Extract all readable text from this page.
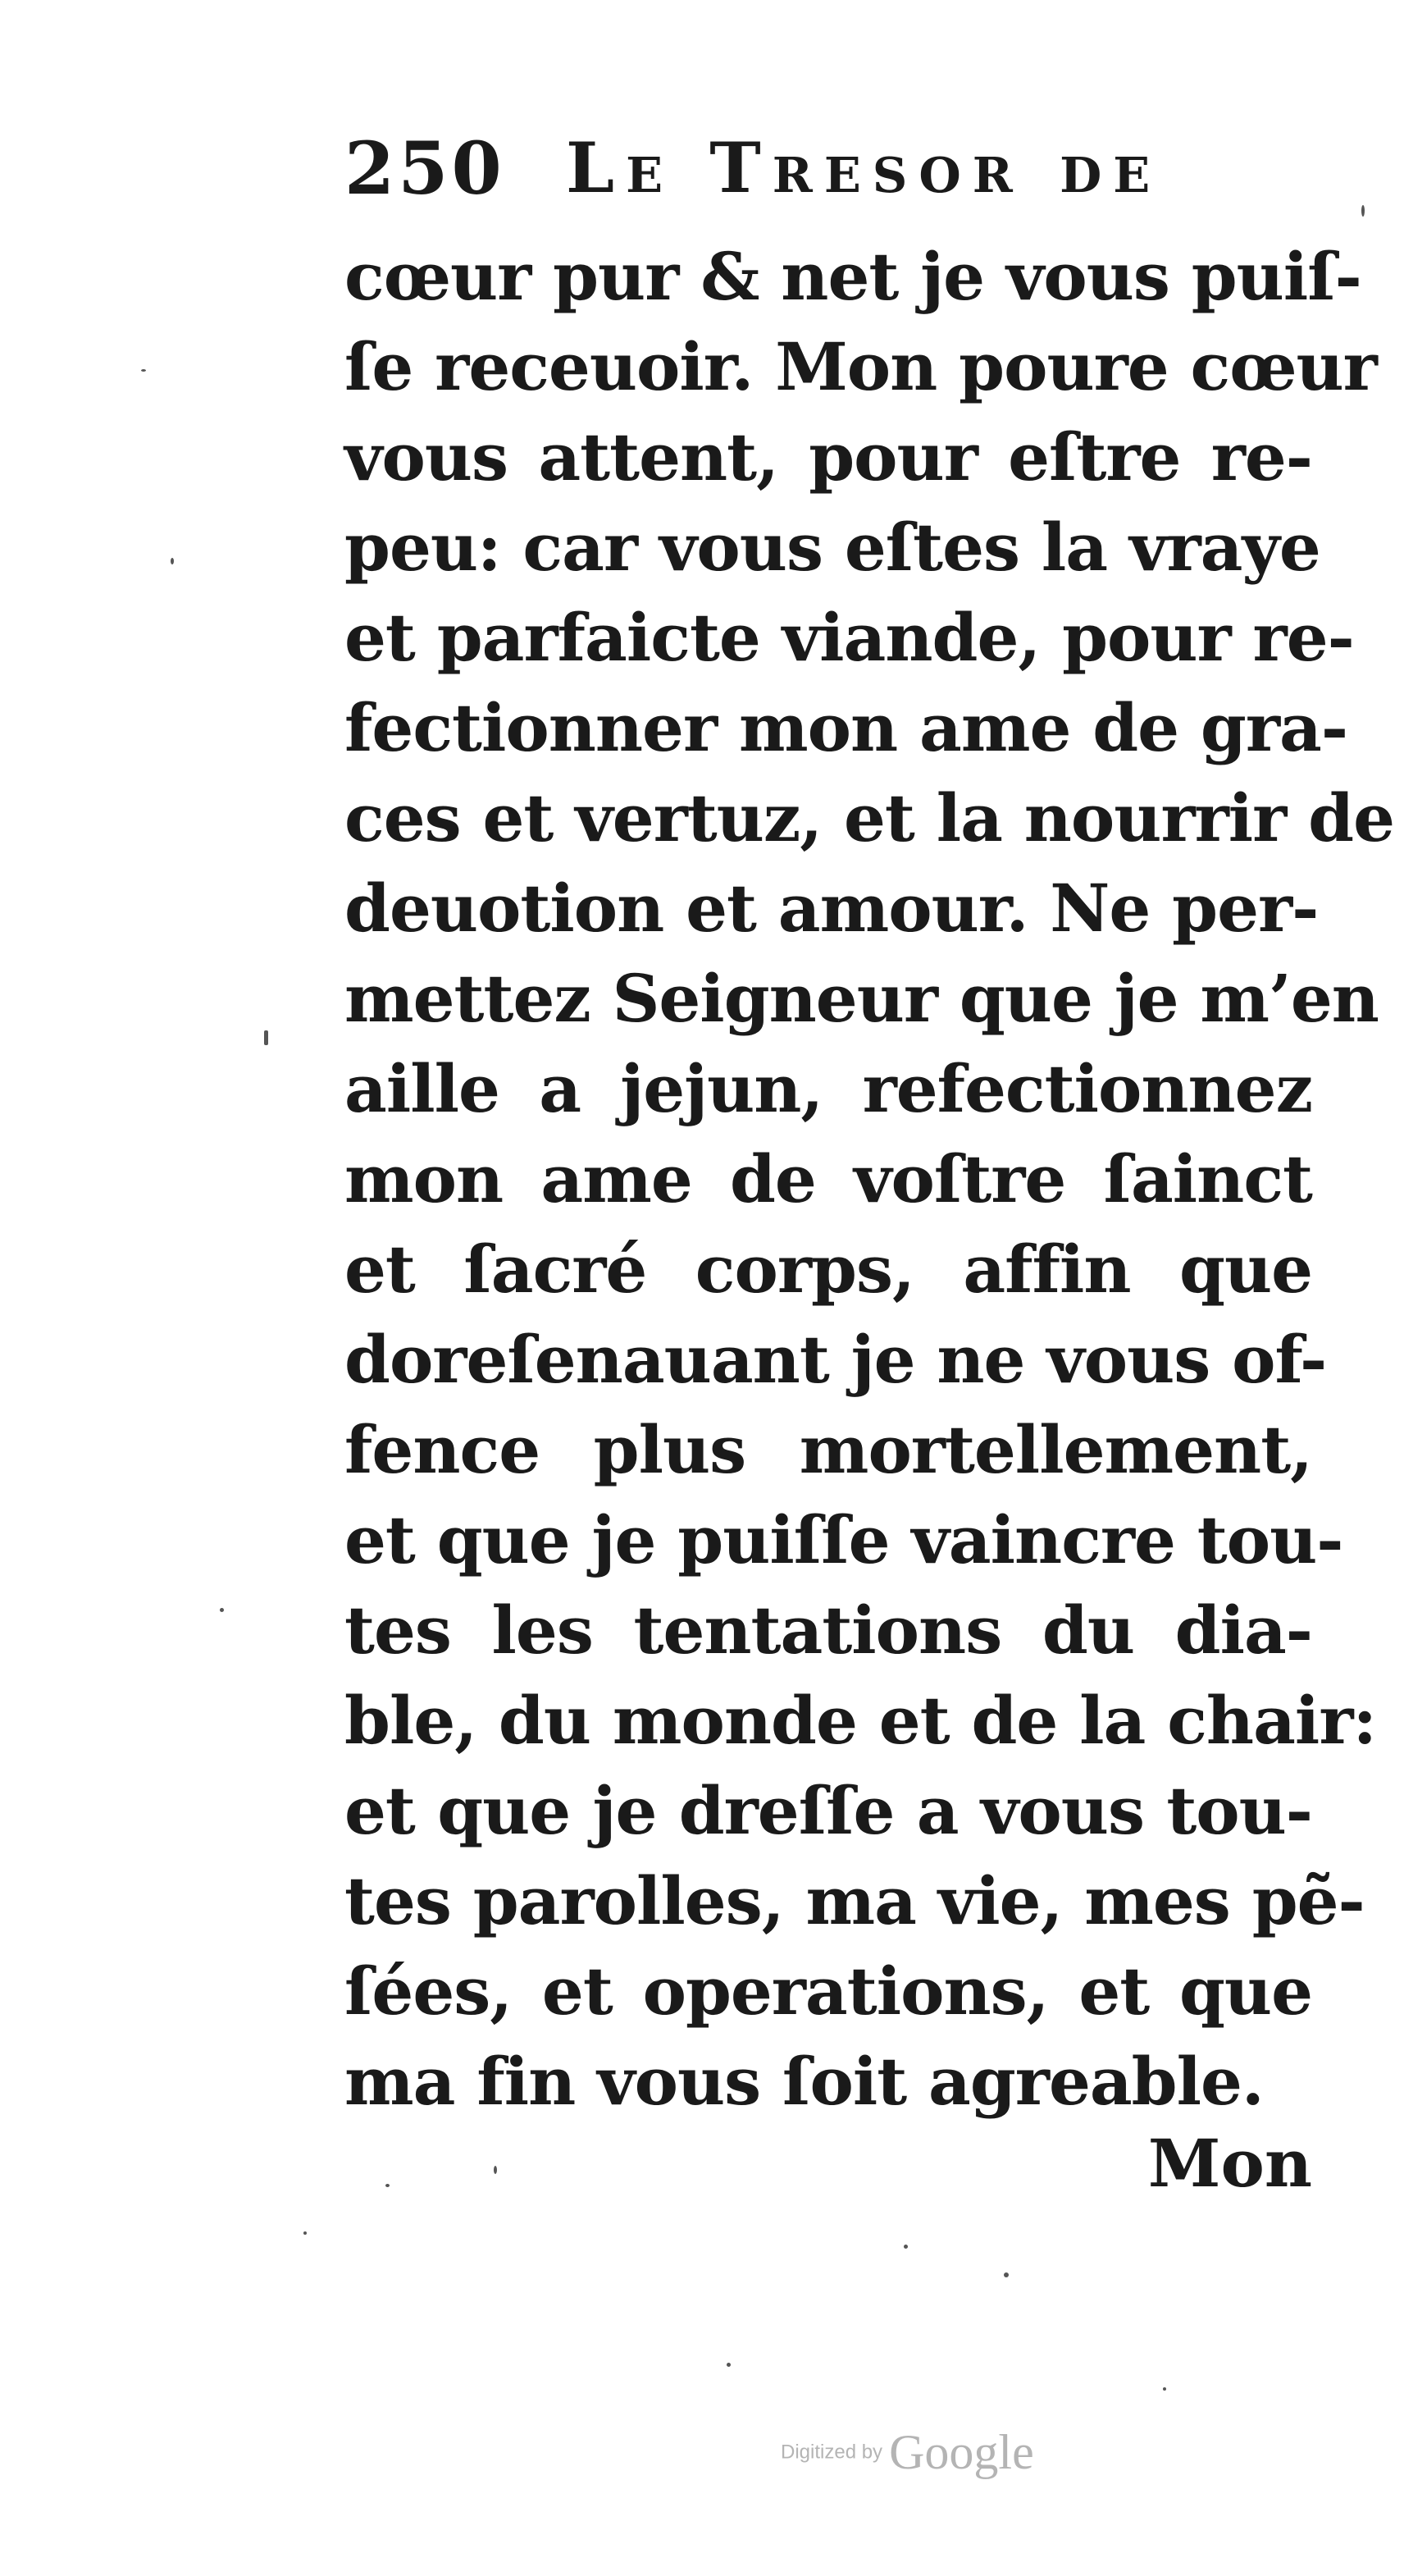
250 Le Tresor de
cœur pur & net je vous puiſ-
ſe receuoir. Mon poure cœur
vous attent, pour eſtre re-
peu: car vous eſtes la vraye
et parfaicte viande, pour re-
fectionner mon ame de gra-
ces et vertuz, et la nourrir de
deuotion et amour. Ne per-
mettez Seigneur que je m’en
aille a jejun, refectionnez
mon ame de voſtre ſainct
et ſacré corps, affin que
doreſenauant je ne vous of-
fence plus mortellement,
et que je puiſſe vaincre tou-
tes les tentations du dia-
ble, du monde et de la chair:
et que je dreſſe a vous tou-
tes parolles, ma vie, mes pẽ-
ſées, et operations, et que
ma fin vous ſoit agreable.
Mon
Digitized by Google
